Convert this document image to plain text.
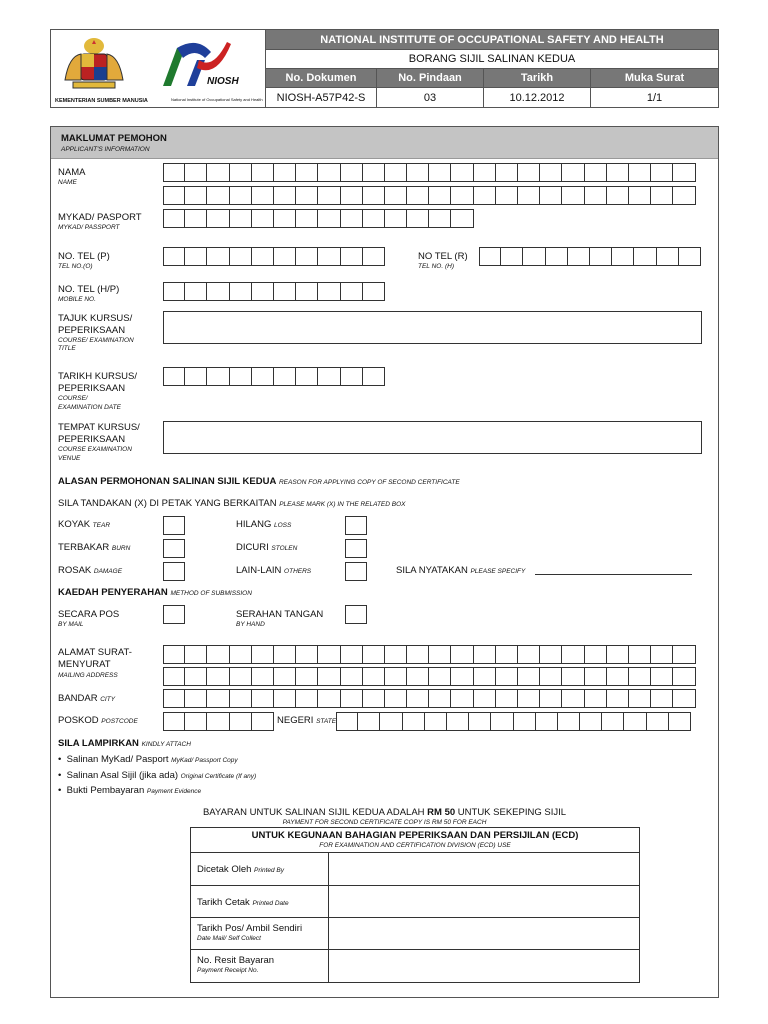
KEMENTERIAN SUMBER MANUSIA
NIOSH
National Institute of Occupational Safety and Health
NATIONAL INSTITUTE OF OCCUPATIONAL SAFETY AND HEALTH
BORANG SIJIL SALINAN KEDUA
No. Dokumen	No. Pindaan	Tarikh	Muka Surat
NIOSH-A57P42-S	03	10.12.2012	1/1
MAKLUMAT PEMOHON
APPLICANT'S INFORMATION
NAMA
NAME
MYKAD/ PASPORT
MYKAD/ PASSPORT
NO. TEL (P)
TEL NO.(O)
NO TEL (R)
TEL NO. (H)
NO. TEL (H/P)
MOBILE NO.
TAJUK KURSUS/
PEPERIKSAAN
COURSE/ EXAMINATION
TITLE
TARIKH KURSUS/
PEPERIKSAAN
COURSE/
EXAMINATION DATE
TEMPAT KURSUS/
PEPERIKSAAN
COURSE EXAMINATION
VENUE
ALASAN PERMOHONAN SALINAN SIJIL KEDUA REASON FOR APPLYING COPY OF SECOND CERTIFICATE
SILA TANDAKAN (X) DI PETAK YANG BERKAITAN PLEASE MARK (X) IN THE RELATED BOX
KOYAK TEAR	HILANG LOSS
TERBAKAR BURN	DICURI STOLEN
ROSAK DAMAGE	LAIN-LAIN OTHERS	SILA NYATAKAN PLEASE SPECIFY
KAEDAH PENYERAHAN METHOD OF SUBMISSION
SECARA POS
BY MAIL
SERAHAN TANGAN
BY HAND
ALAMAT SURAT-
MENYURAT
MAILING ADDRESS
BANDAR CITY
POSKOD POSTCODE	NEGERI STATE
SILA LAMPIRKAN KINDLY ATTACH
•  Salinan MyKad/ Pasport MyKad/ Passport Copy
•  Salinan Asal Sijil (jika ada) Original Certificate (If any)
•  Bukti Pembayaran Payment Evidence
BAYARAN UNTUK SALINAN SIJIL KEDUA ADALAH RM 50 UNTUK SEKEPING SIJIL
PAYMENT FOR SECOND CERTIFICATE COPY IS RM 50 FOR EACH
UNTUK KEGUNAAN BAHAGIAN PEPERIKSAAN DAN PERSIJILAN (ECD)
FOR EXAMINATION AND CERTIFICATION DIVISION (ECD) USE
Dicetak Oleh Printed By
Tarikh Cetak Printed Date
Tarikh Pos/ Ambil Sendiri
Date Mail/ Self Collect
No. Resit Bayaran
Payment Receipt No.
